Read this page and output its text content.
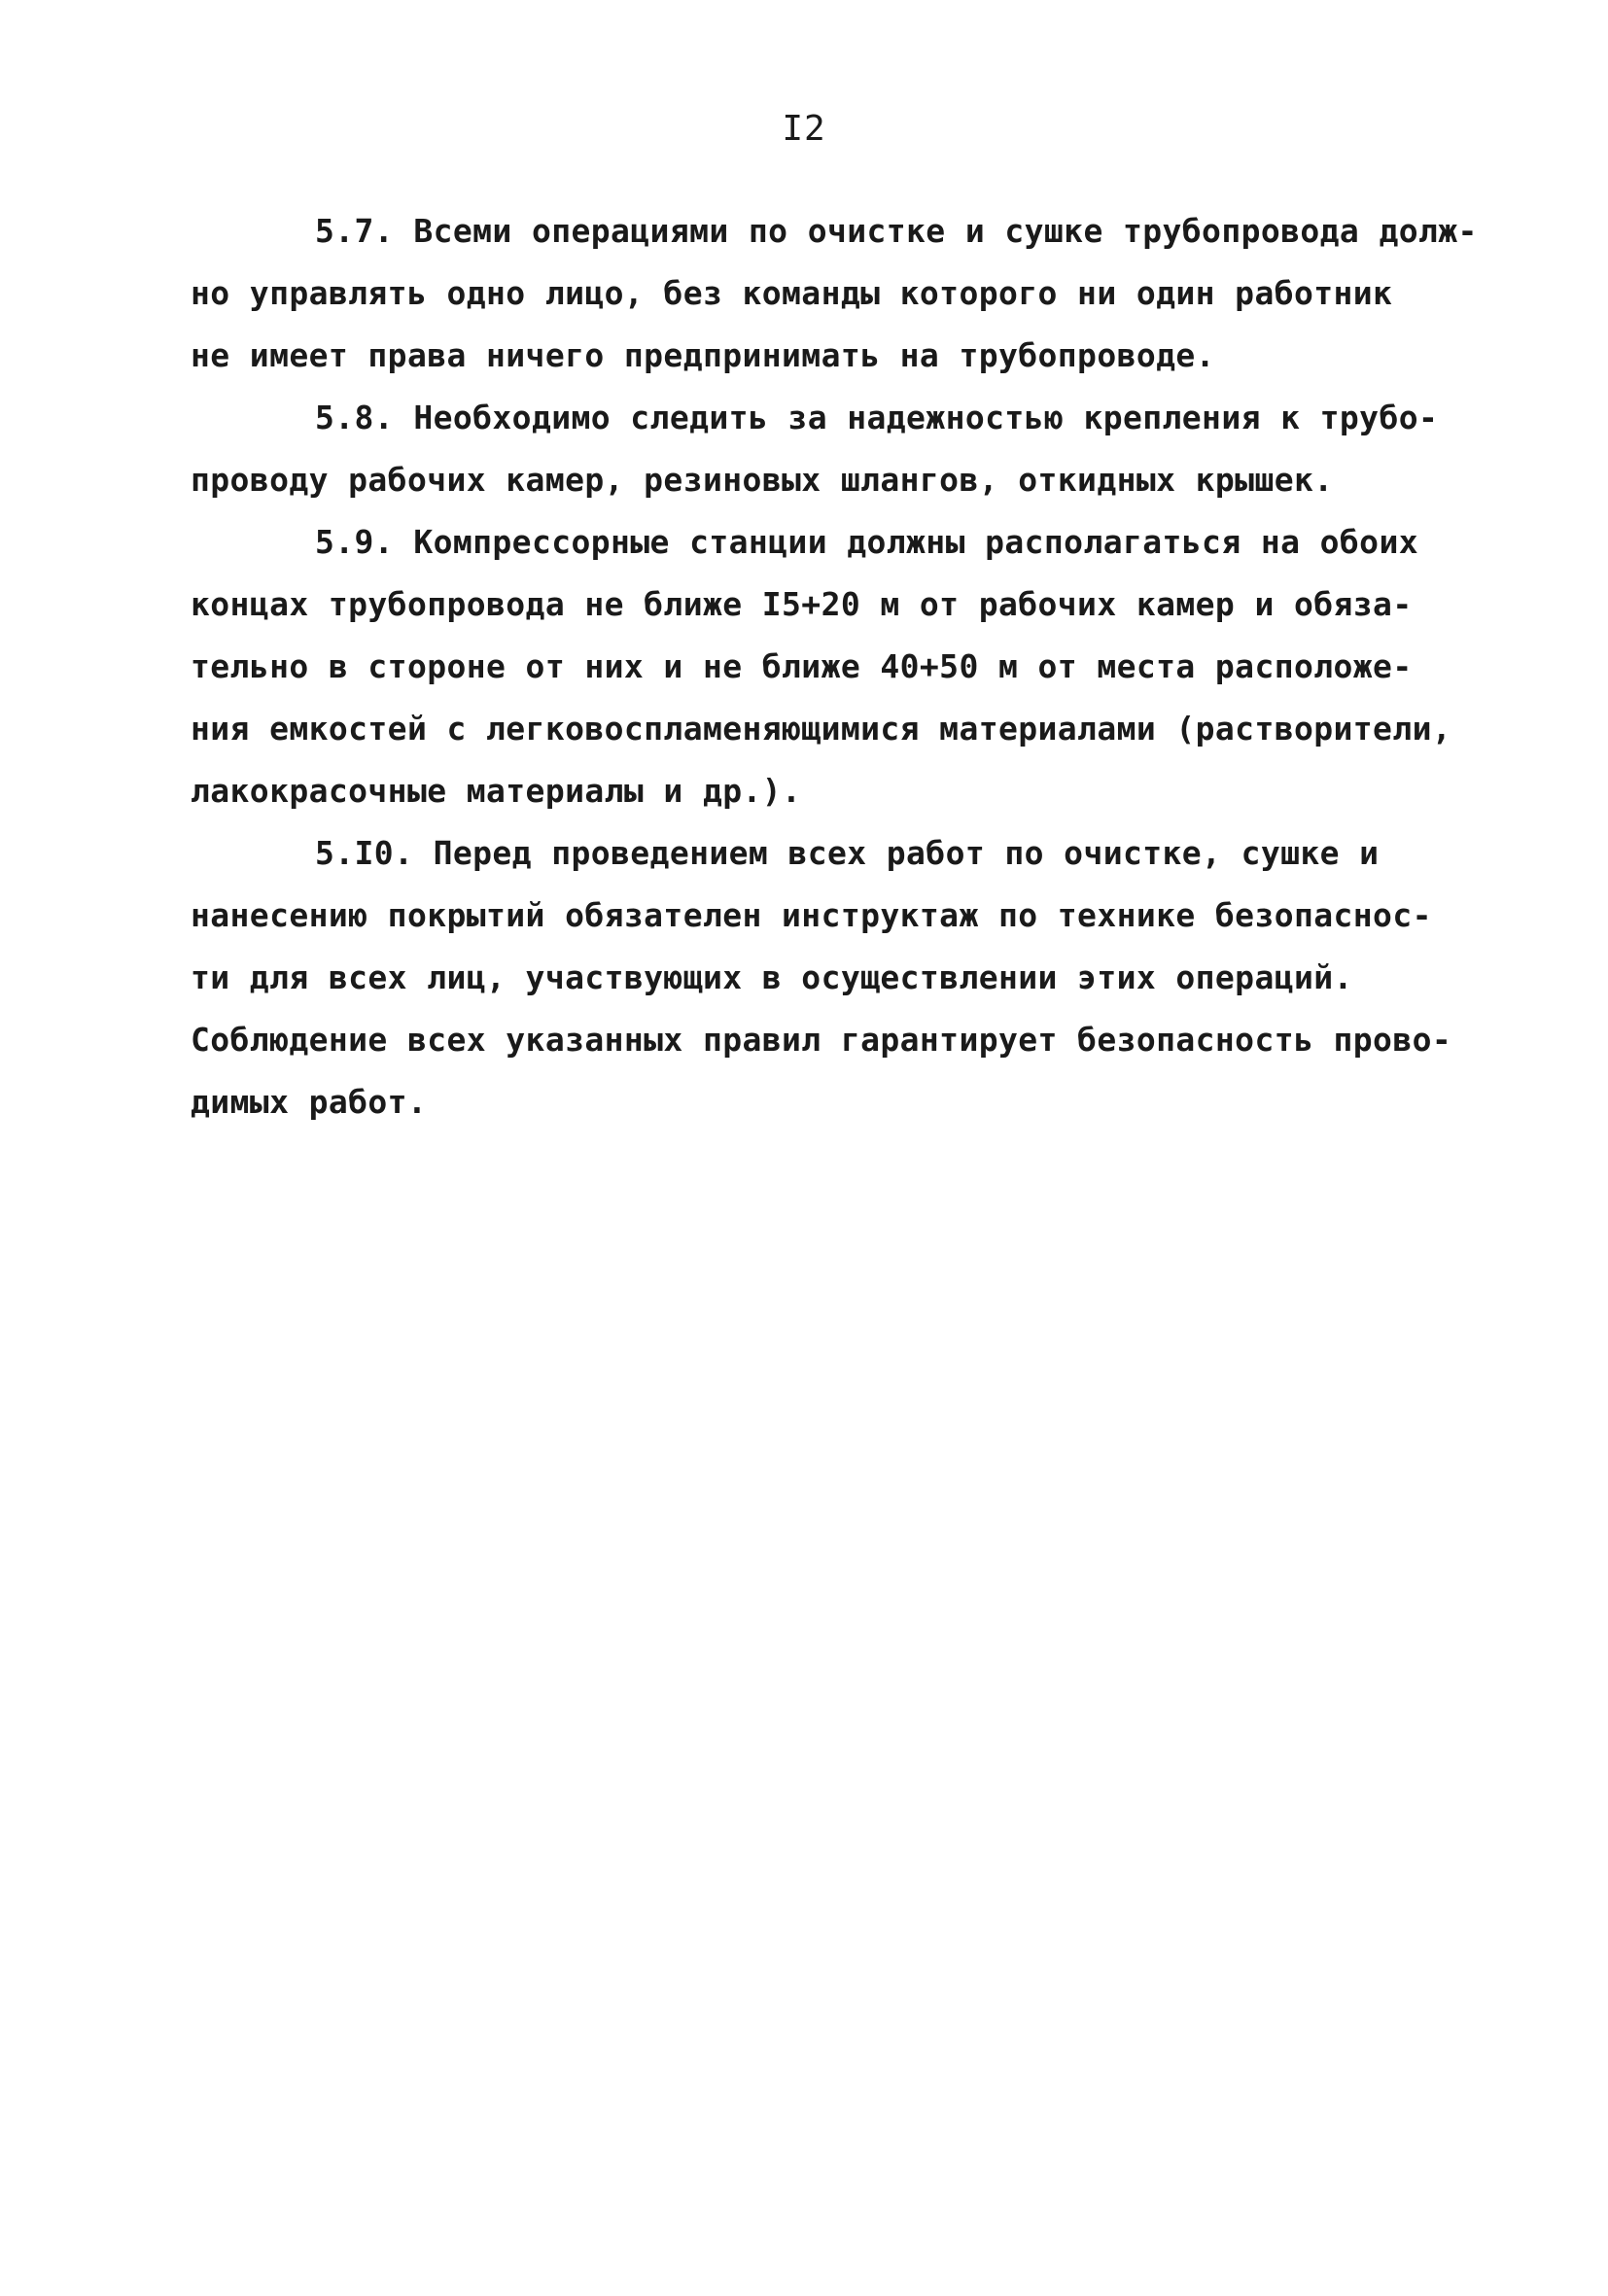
I2
5.7. Всеми операциями по очистке и сушке трубопровода долж-
но управлять одно лицо, без команды которого ни один работник
не имеет права ничего предпринимать на трубопроводе.
5.8. Необходимо следить за надежностью крепления к трубо-
проводу рабочих камер, резиновых шлангов, откидных крышек.
5.9. Компрессорные станции должны располагаться на обоих
концах трубопровода не ближе I5+20 м от рабочих камер и обяза-
тельно в стороне от них и не ближе 40+50 м от места расположе-
ния емкостей с легковоспламеняющимися материалами (растворители,
лакокрасочные материалы и др.).
5.I0. Перед проведением всех работ по очистке, сушке и
нанесению покрытий обязателен инструктаж по технике безопаснос-
ти для всех лиц, участвующих в осуществлении этих операций.
Соблюдение всех указанных правил гарантирует безопасность прово-
димых работ.
